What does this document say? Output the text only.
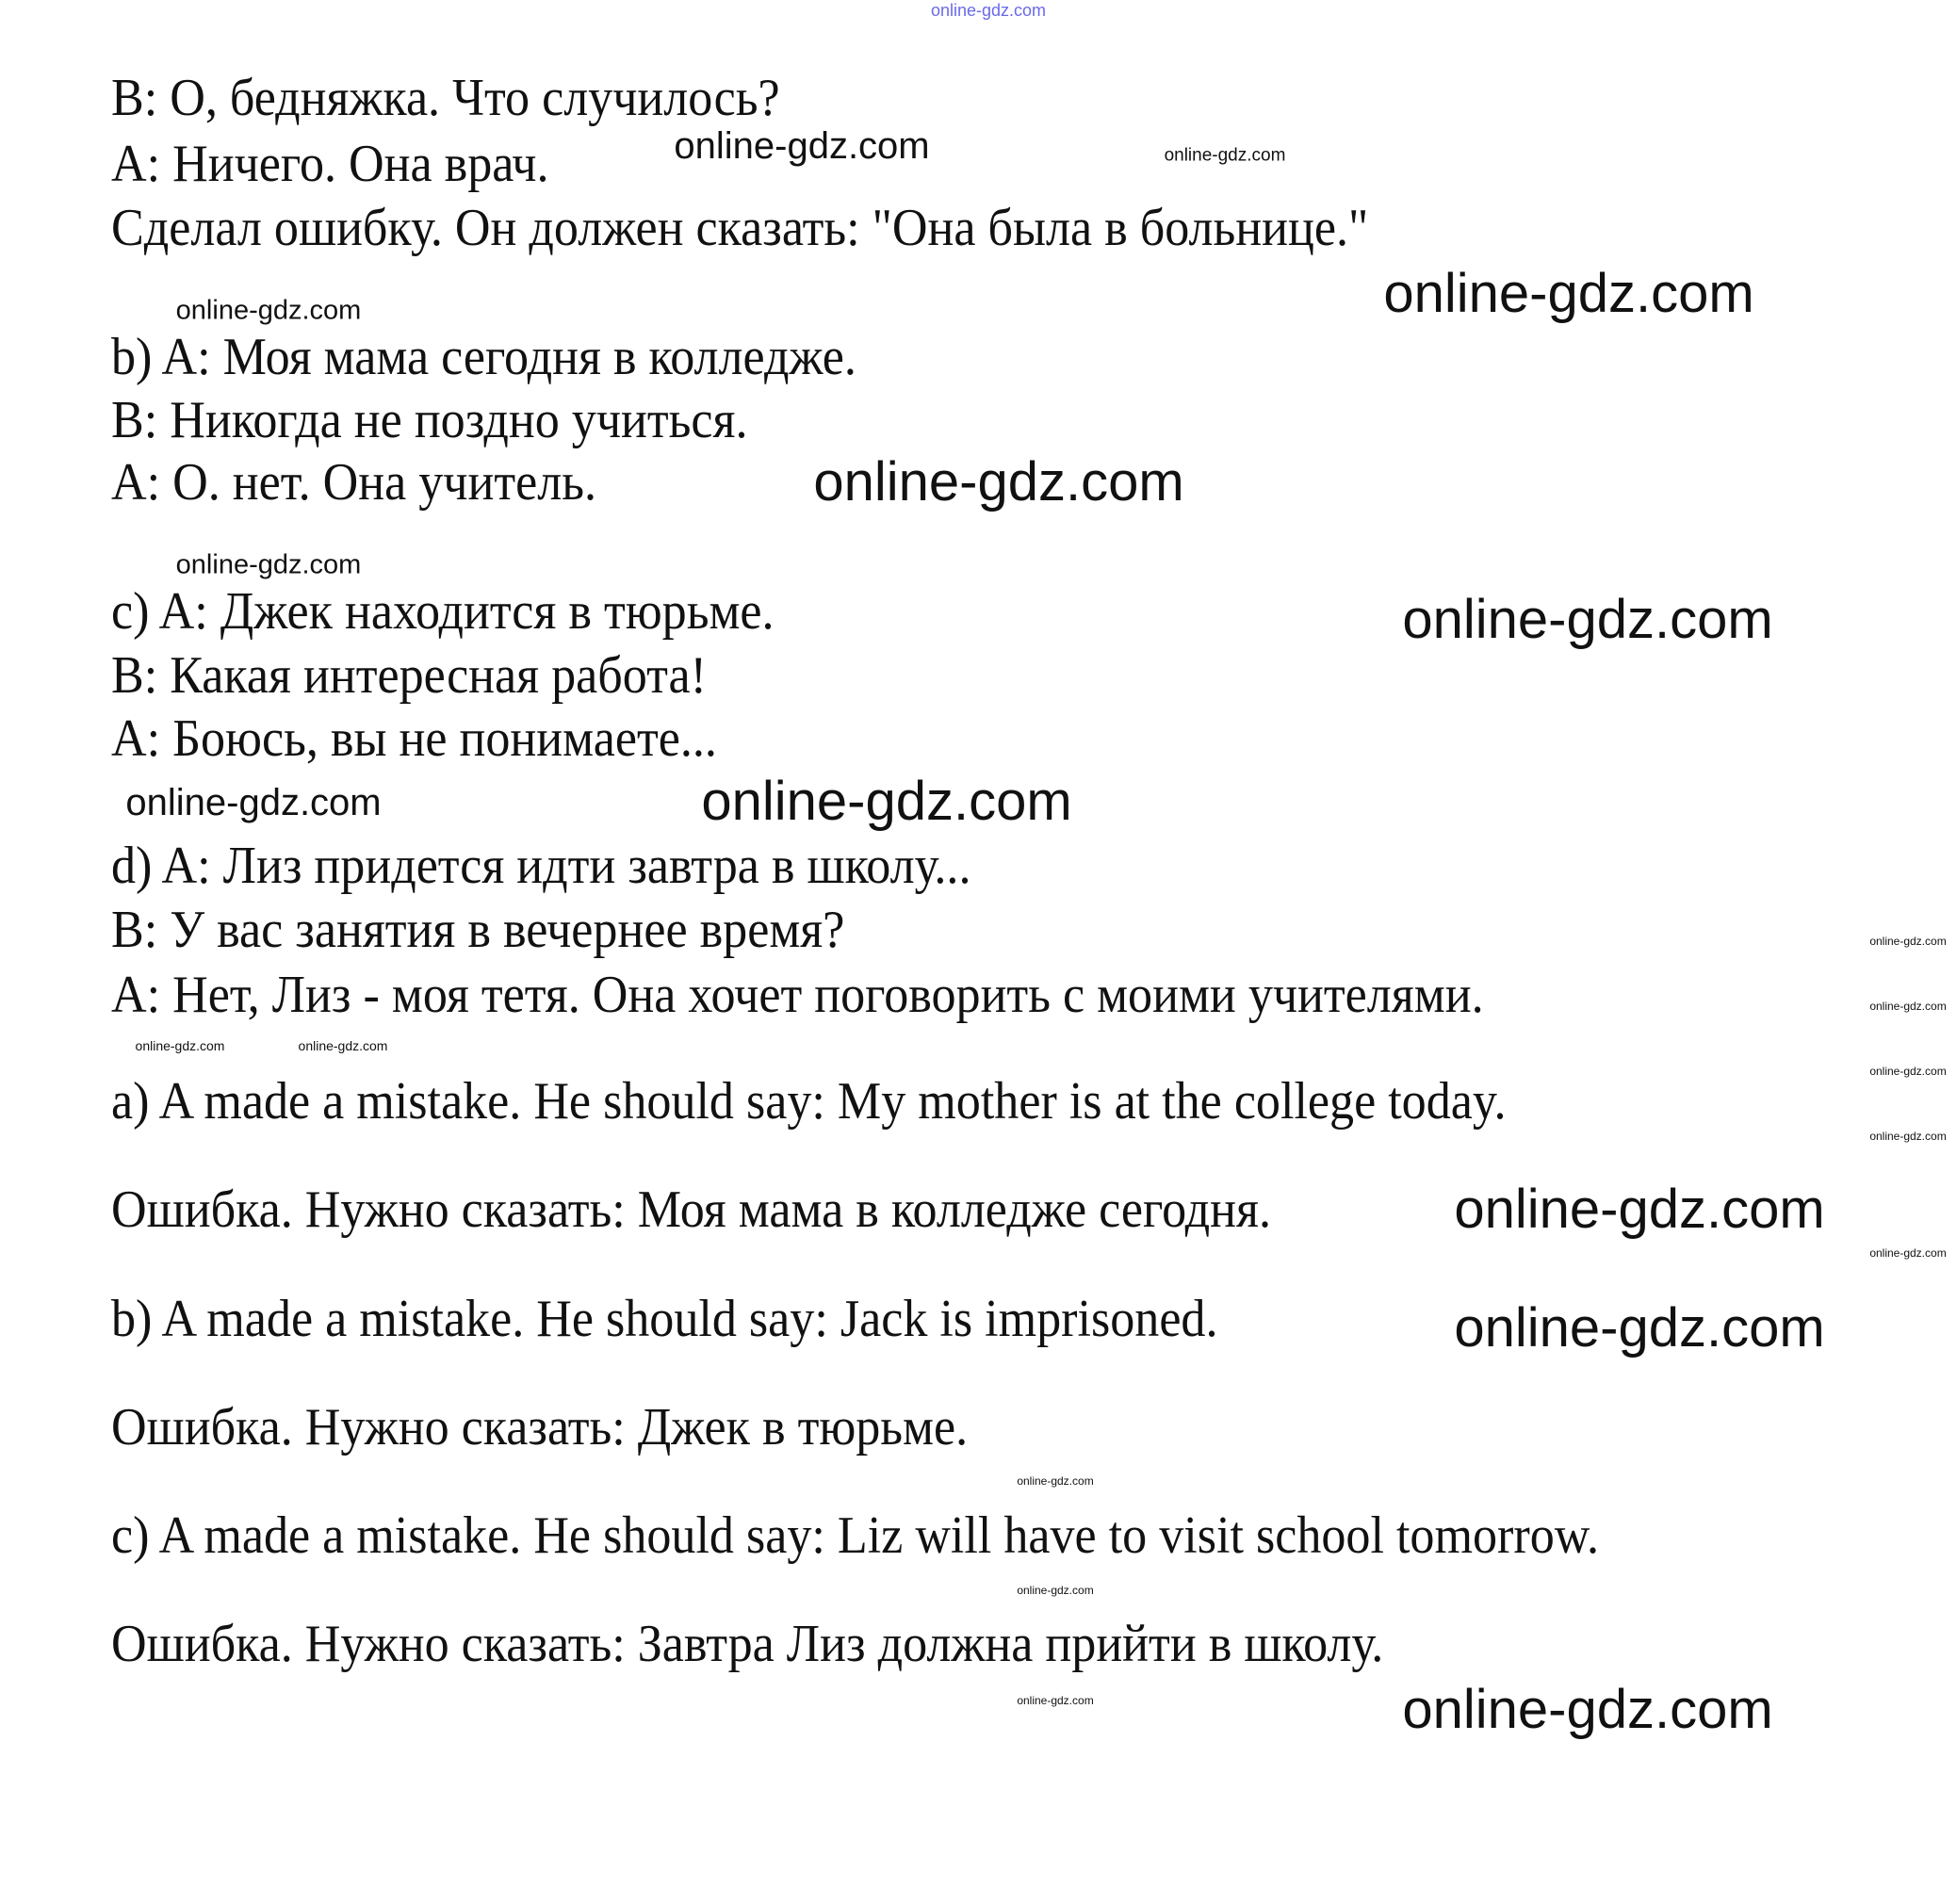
B: О, бедняжка. Что случилось?
A: Ничего. Она врач.
Сделал ошибку. Он должен сказать: "Она была в больнице."
b) A: Моя мама сегодня в колледже.
B: Никогда не поздно учиться.
A: О. нет. Она учитель.
c) A: Джек находится в тюрьме.
B: Какая интересная работа!
A: Боюсь, вы не понимаете...
d) A: Лиз придется идти завтра в школу...
B: У вас занятия в вечернее время?
A: Нет, Лиз - моя тетя. Она хочет поговорить с моими учителями.
a) A made a mistake. He should say: My mother is at the college today.
Ошибка. Нужно сказать: Моя мама в колледже сегодня.
b) A made a mistake. He should say: Jack is imprisoned.
Ошибка. Нужно сказать: Джек в тюрьме.
c) A made a mistake. He should say: Liz will have to visit school tomorrow.
Ошибка. Нужно сказать: Завтра Лиз должна прийти в школу.
online-gdz.com
online-gdz.com
online-gdz.com
online-gdz.com
online-gdz.com
online-gdz.com
online-gdz.com
online-gdz.com
online-gdz.com	online-gdz.com
online-gdz.com
online-gdz.com
online-gdz.com
online-gdz.com
online-gdz.com
online-gdz.com	online-gdz.com
online-gdz.com
online-gdz.com
online-gdz.com
online-gdz.com
online-gdz.com	online-gdz.com
